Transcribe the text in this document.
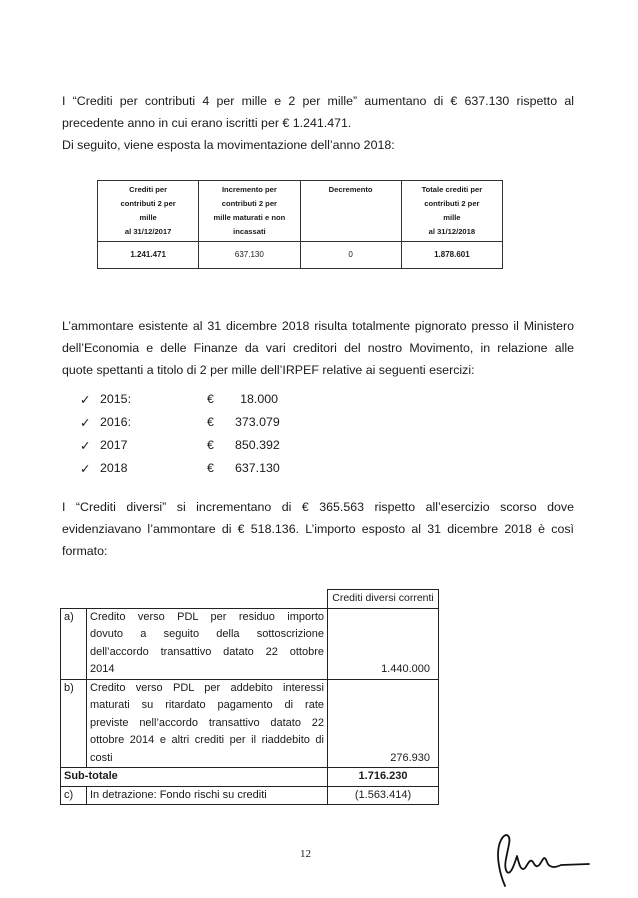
I “Crediti per contributi 4 per mille e 2 per mille” aumentano di € 637.130 rispetto al
precedente anno in cui erano iscritti per € 1.241.471.
Di seguito, viene esposta la movimentazione dell’anno 2018:
Crediti per
contributi 2 per
mille
al 31/12/2017	Incremento per
contributi 2 per
mille maturati e non
incassati	Decremento	Totale crediti per
contributi 2 per
mille
al 31/12/2018

1.241.471	637.130	0	1.878.601
L’ammontare esistente al 31 dicembre 2018 risulta totalmente pignorato presso il Ministero
dell’Economia e delle Finanze da vari creditori del nostro Movimento, in relazione alle
quote spettanti a titolo di 2 per mille dell’IRPEF relative ai seguenti esercizi:
✓ 2015:	€	18.000
✓ 2016:	€ 373.079
✓ 2017	€ 850.392
✓ 2018	€ 637.130
I “Crediti diversi” si incrementano di € 365.563 rispetto all’esercizio scorso dove
evidenziavano l’ammontare di € 518.136. L’importo esposto al 31 dicembre 2018 è così
formato:
		Crediti diversi correnti
a)	Credito verso PDL per residuo importo
dovuto a seguito della sottoscrizione
dell’accordo transattivo datato 22 ottobre
2014	1.440.000
b)	Credito verso PDL per addebito interessi
maturati su ritardato pagamento di rate
previste nell’accordo transattivo datato 22
ottobre 2014 e altri crediti per il riaddebito di
costi	276.930
Sub-totale		1.716.230
c)	In detrazione: Fondo rischi su crediti	(1.563.414)
12
